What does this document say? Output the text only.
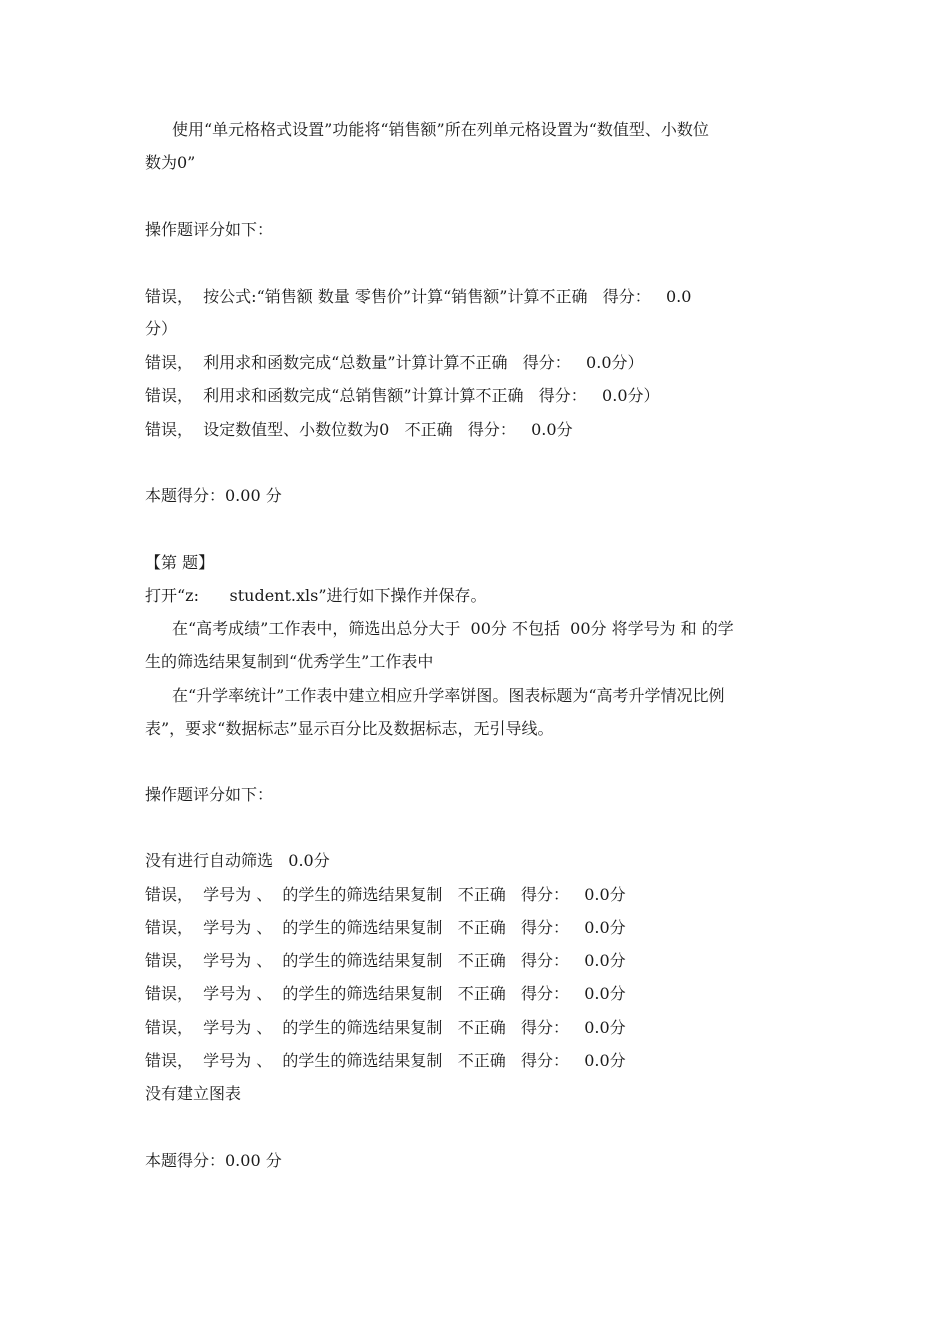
使用“单元格格式设置”功能将“销售额”所在列单元格设置为“数值型、小数位
数为0”
操作题评分如下：
错误，  按公式:“销售额 数量 零售价”计算“销售额”计算不正确   得分：   0.0
分）
错误，  利用求和函数完成“总数量”计算计算不正确   得分：   0.0分）
错误，  利用求和函数完成“总销售额”计算计算不正确   得分：   0.0分）
错误，  设定数值型、小数位数为0   不正确   得分：   0.0分
本题得分：0.00 分
【第 题】
打开“z:      student.xls”进行如下操作并保存。
在“高考成绩”工作表中，筛选出总分大于  00分 不包括  00分 将学号为 和 的学
生的筛选结果复制到“优秀学生”工作表中
在“升学率统计”工作表中建立相应升学率饼图。图表标题为“高考升学情况比例
表”，要求“数据标志”显示百分比及数据标志，无引导线。
操作题评分如下：
没有进行自动筛选   0.0分
错误，  学号为 、  的学生的筛选结果复制   不正确   得分：   0.0分
错误，  学号为 、  的学生的筛选结果复制   不正确   得分：   0.0分
错误，  学号为 、  的学生的筛选结果复制   不正确   得分：   0.0分
错误，  学号为 、  的学生的筛选结果复制   不正确   得分：   0.0分
错误，  学号为 、  的学生的筛选结果复制   不正确   得分：   0.0分
错误，  学号为 、  的学生的筛选结果复制   不正确   得分：   0.0分
没有建立图表
本题得分：0.00 分
